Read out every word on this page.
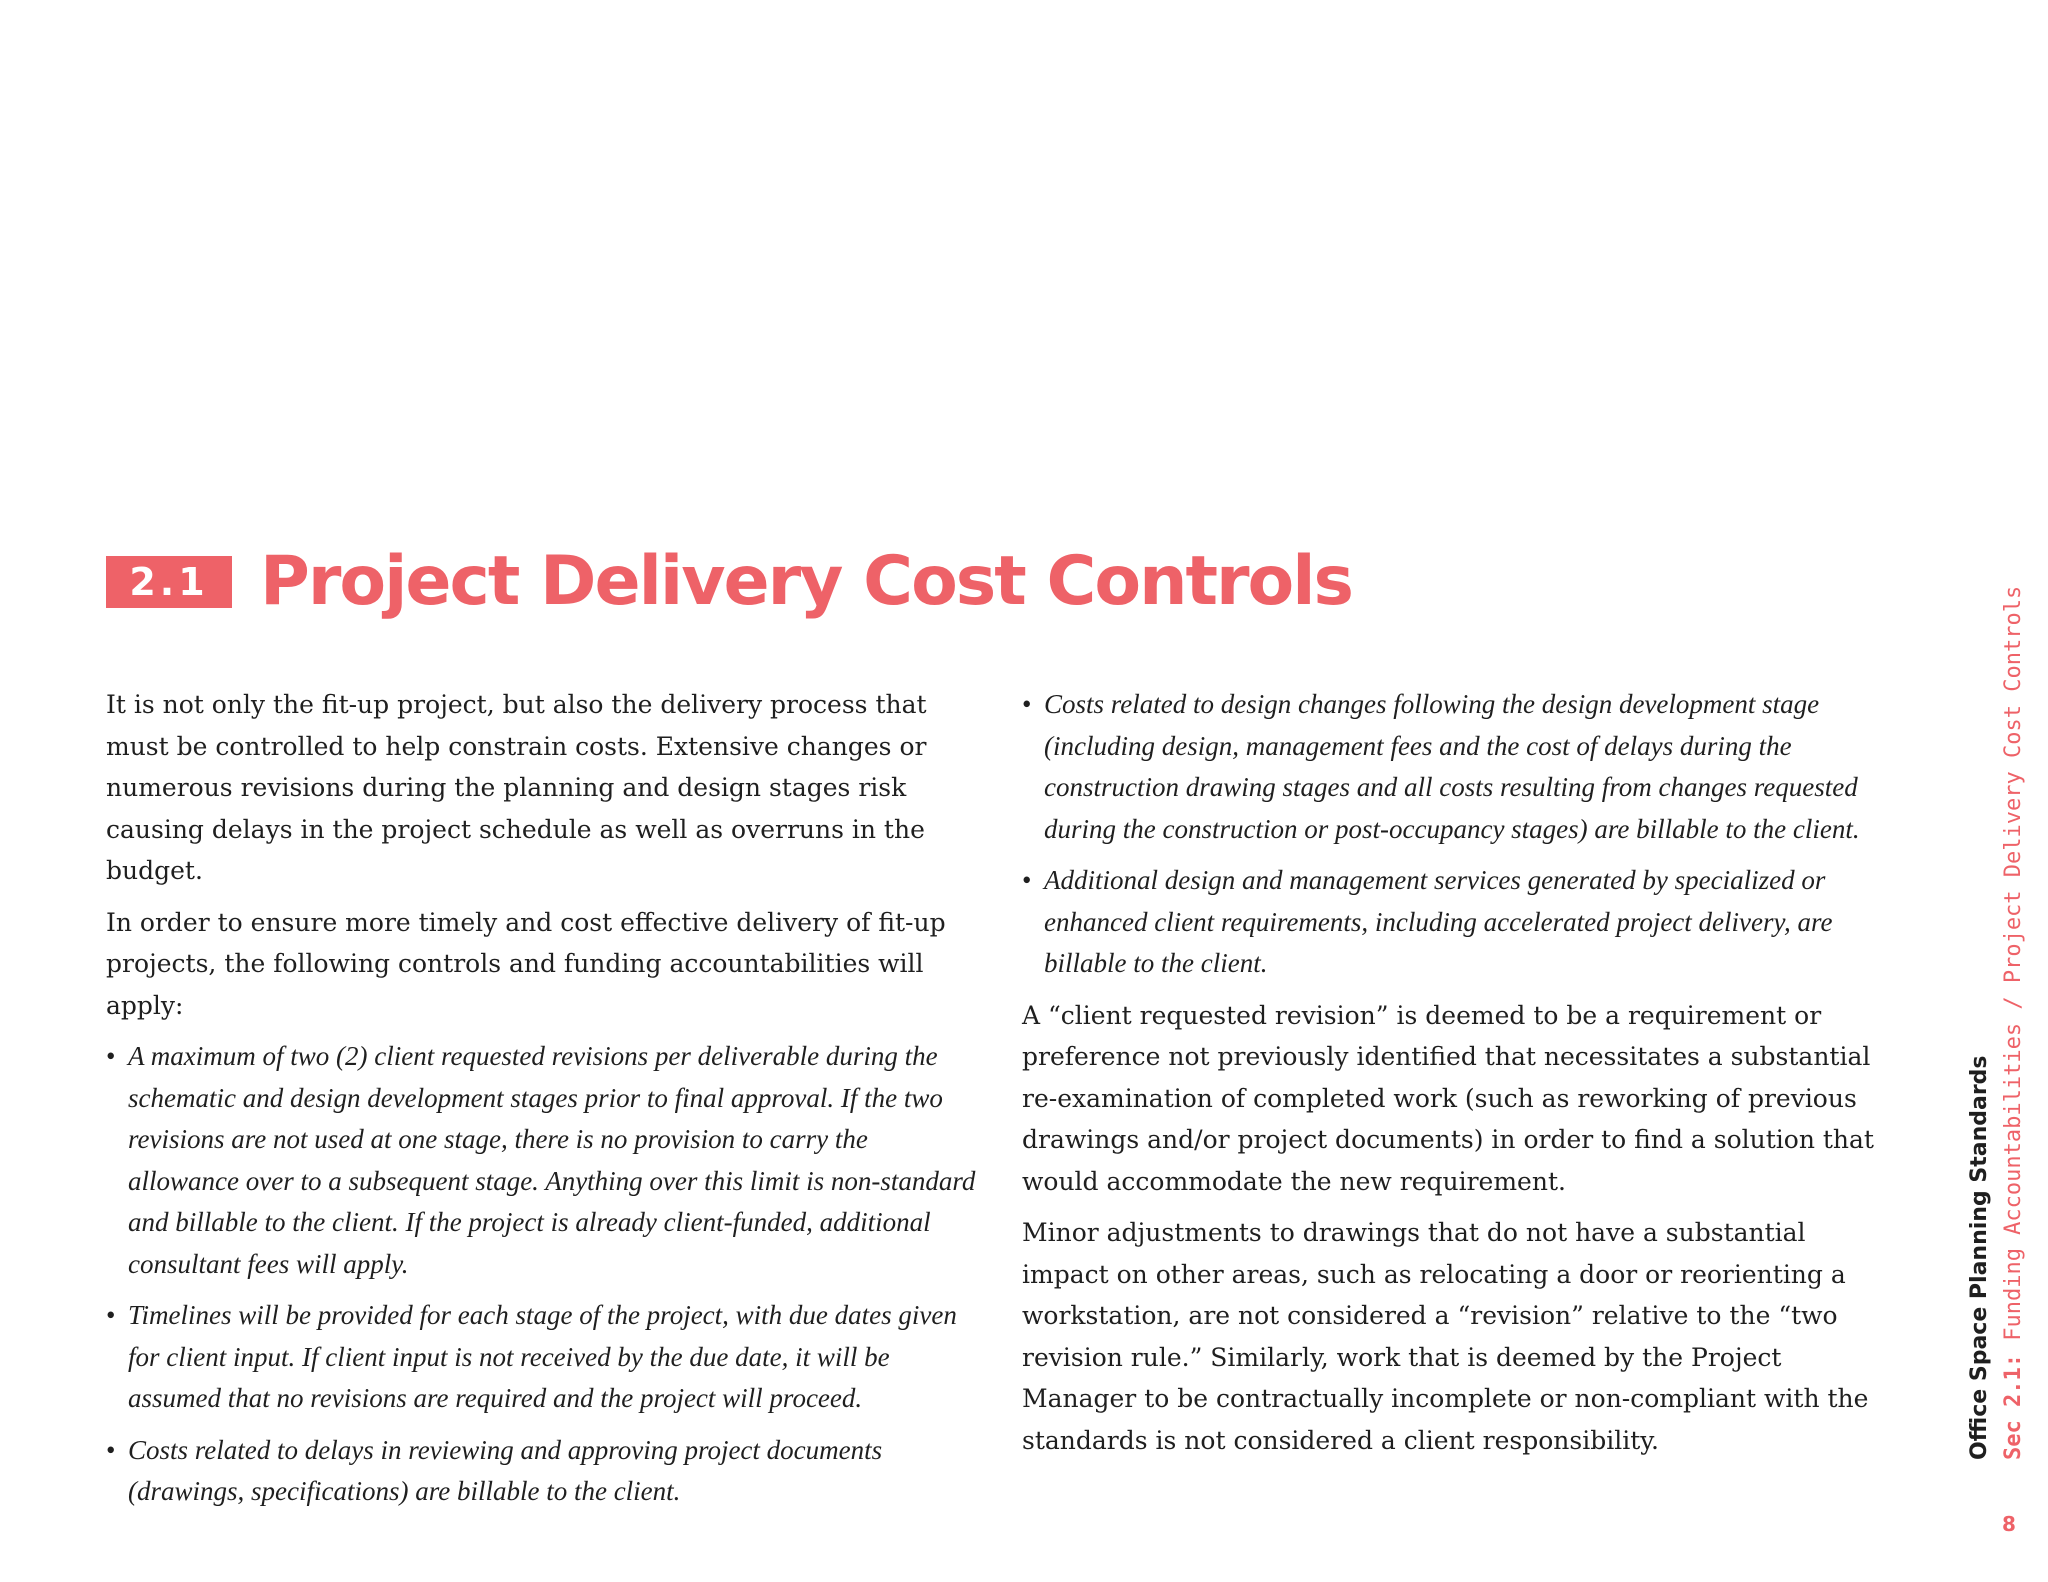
2.1 Project Delivery Cost Controls

It is not only the fit-up project, but also the delivery process that must be controlled to help constrain costs. Extensive changes or numerous revisions during the planning and design stages risk causing delays in the project schedule as well as overruns in the budget.

In order to ensure more timely and cost effective delivery of fit-up projects, the following controls and funding accountabilities will apply:

• A maximum of two (2) client requested revisions per deliverable during the schematic and design development stages prior to final approval. If the two revisions are not used at one stage, there is no provision to carry the allowance over to a subsequent stage. Anything over this limit is non-standard and billable to the client. If the project is already client-funded, additional consultant fees will apply.
• Timelines will be provided for each stage of the project, with due dates given for client input. If client input is not received by the due date, it will be assumed that no revisions are required and the project will proceed.
• Costs related to delays in reviewing and approving project documents (drawings, specifications) are billable to the client.
• Costs related to design changes following the design development stage (including design, management fees and the cost of delays during the construction drawing stages and all costs resulting from changes requested during the construction or post-occupancy stages) are billable to the client.
• Additional design and management services generated by specialized or enhanced client requirements, including accelerated project delivery, are billable to the client.

A “client requested revision” is deemed to be a requirement or preference not previously identified that necessitates a substantial re-examination of completed work (such as reworking of previous drawings and/or project documents) in order to find a solution that would accommodate the new requirement.

Minor adjustments to drawings that do not have a substantial impact on other areas, such as relocating a door or reorienting a workstation, are not considered a “revision” relative to the “two revision rule.” Similarly, work that is deemed by the Project Manager to be contractually incomplete or non-compliant with the standards is not considered a client responsibility.	Office Space Planning Standards Sec 2.1: Funding Accountabilities / Project Delivery Cost Controls
8
